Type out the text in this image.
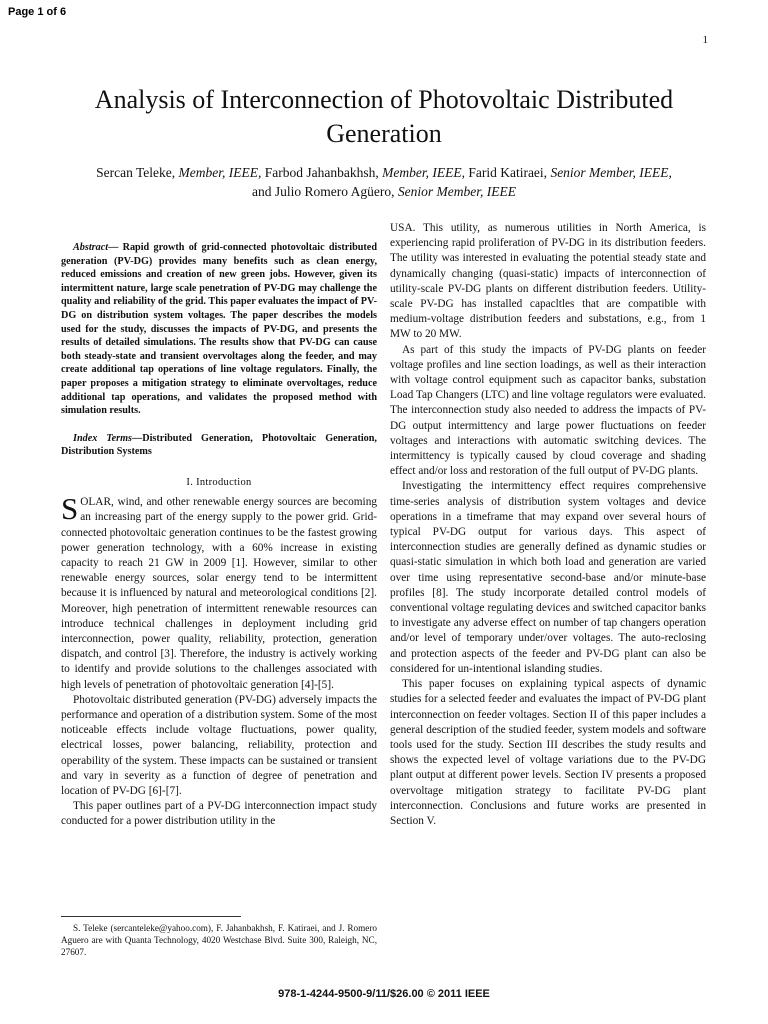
Page 1 of 6
1
Analysis of Interconnection of Photovoltaic Distributed Generation
Sercan Teleke, Member, IEEE, Farbod Jahanbakhsh, Member, IEEE, Farid Katiraei, Senior Member, IEEE, and Julio Romero Agüero, Senior Member, IEEE

Abstract— Rapid growth of grid-connected photovoltaic distributed generation (PV-DG) provides many benefits such as clean energy, reduced emissions and creation of new green jobs. However, given its intermittent nature, large scale penetration of PV-DG may challenge the quality and reliability of the grid. This paper evaluates the impact of PV-DG on distribution system voltages. The paper describes the models used for the study, discusses the impacts of PV-DG, and presents the results of detailed simulations. The results show that PV-DG can cause both steady-state and transient overvoltages along the feeder, and may create additional tap operations of line voltage regulators. Finally, the paper proposes a mitigation strategy to eliminate overvoltages, reduce additional tap operations, and validates the proposed method with simulation results.

Index Terms—Distributed Generation, Photovoltaic Generation, Distribution Systems

I. Introduction

SOLAR, wind, and other renewable energy sources are becoming an increasing part of the energy supply to the power grid. Grid-connected photovoltaic generation continues to be the fastest growing power generation technology, with a 60% increase in existing capacity to reach 21 GW in 2009 [1]. However, similar to other renewable energy sources, solar energy tend to be intermittent because it is influenced by natural and meteorological conditions [2]. Moreover, high penetration of intermittent renewable resources can introduce technical challenges in deployment including grid interconnection, power quality, reliability, protection, generation dispatch, and control [3]. Therefore, the industry is actively working to identify and provide solutions to the challenges associated with high levels of penetration of photovoltaic generation [4]-[5].

Photovoltaic distributed generation (PV-DG) adversely impacts the performance and operation of a distribution system. Some of the most noticeable effects include voltage fluctuations, power quality, electrical losses, power balancing, reliability, protection and operability of the system. These impacts can be sustained or transient and vary in severity as a function of degree of penetration and location of PV-DG [6]-[7].

This paper outlines part of a PV-DG interconnection impact study conducted for a power distribution utility in the

USA. This utility, as numerous utilities in North America, is experiencing rapid proliferation of PV-DG in its distribution feeders. The utility was interested in evaluating the potential steady state and dynamically changing (quasi-static) impacts of interconnection of utility-scale PV-DG plants on different distribution feeders. Utility-scale PV-DG has installed capacltles that are compatible with medium-voltage distribution feeders and substations, e.g., from 1 MW to 20 MW.

As part of this study the impacts of PV-DG plants on feeder voltage profiles and line section loadings, as well as their interaction with voltage control equipment such as capacitor banks, substation Load Tap Changers (LTC) and line voltage regulators were evaluated. The interconnection study also needed to address the impacts of PV-DG output intermittency and large power fluctuations on feeder voltages and interactions with automatic switching devices. The intermittency is typically caused by cloud coverage and shading effect and/or loss and restoration of the full output of PV-DG plants.

Investigating the intermittency effect requires comprehensive time-series analysis of distribution system voltages and device operations in a timeframe that may expand over several hours of typical PV-DG output for various days. This aspect of interconnection studies are generally defined as dynamic studies or quasi-static simulation in which both load and generation are varied over time using representative second-base and/or minute-base profiles [8]. The study incorporate detailed control models of conventional voltage regulating devices and switched capacitor banks to investigate any adverse effect on number of tap changers operation and/or level of temporary under/over voltages. The auto-reclosing and protection aspects of the feeder and PV-DG plant can also be considered for un-intentional islanding studies.

This paper focuses on explaining typical aspects of dynamic studies for a selected feeder and evaluates the impact of PV-DG plant interconnection on feeder voltages. Section II of this paper includes a general description of the studied feeder, system models and software tools used for the study. Section III describes the study results and shows the expected level of voltage variations due to the PV-DG plant output at different power levels. Section IV presents a proposed overvoltage mitigation strategy to facilitate PV-DG plant interconnection. Conclusions and future works are presented in Section V.

S. Teleke (sercanteleke@yahoo.com), F. Jahanbakhsh, F. Katiraei, and J. Romero Aguero are with Quanta Technology, 4020 Westchase Blvd. Suite 300, Raleigh, NC, 27607.
978-1-4244-9500-9/11/$26.00 © 2011 IEEE
